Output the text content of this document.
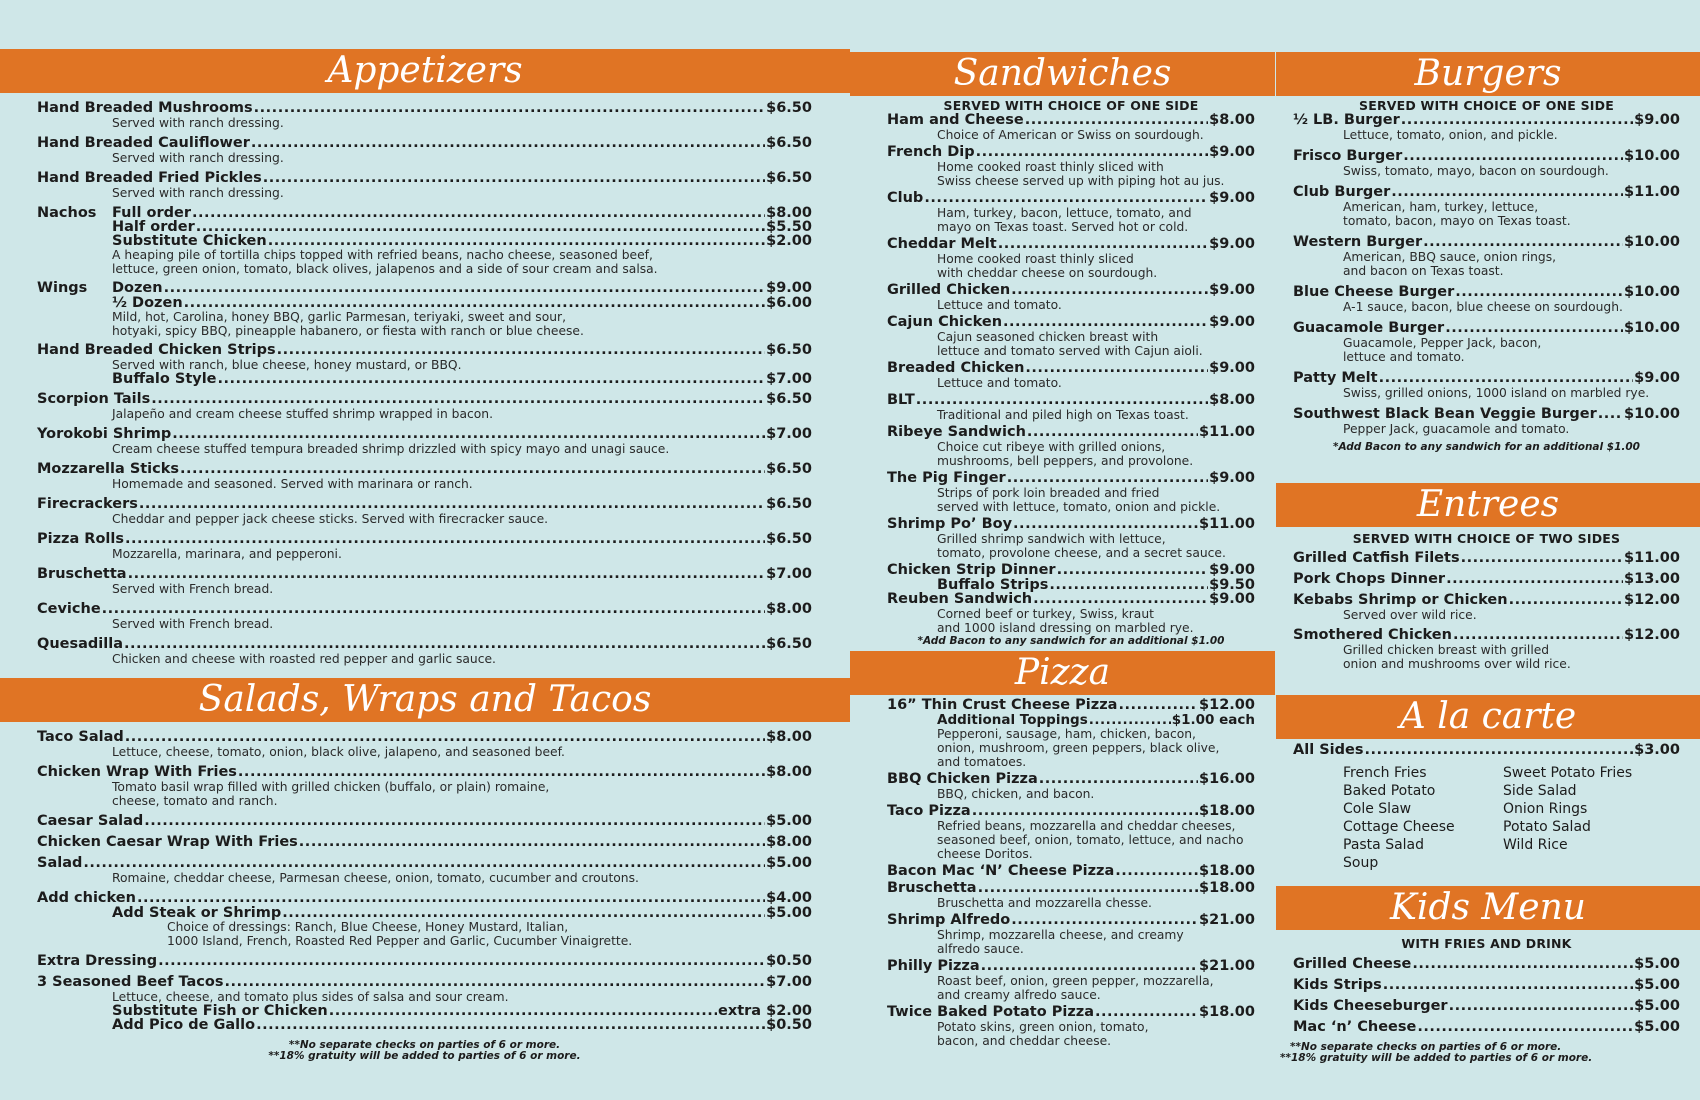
Appetizers
Hand Breaded Mushrooms .....	$6.50
Served with ranch dressing.
Hand Breaded Cauliflower .....	$6.50
Served with ranch dressing.
Hand Breaded Fried Pickles .....	$6.50
Served with ranch dressing.
Nachos Full order .....	$8.00
Half order .....	$5.50
Substitute Chicken .....	$2.00
A heaping pile of tortilla chips topped with refried beans, nacho cheese, seasoned beef,
lettuce, green onion, tomato, black olives, jalapenos and a side of sour cream and salsa.
Wings Dozen .....	$9.00
½ Dozen .....	$6.00
Mild, hot, Carolina, honey BBQ, garlic Parmesan, teriyaki, sweet and sour,
hotyaki, spicy BBQ, pineapple habanero, or fiesta with ranch or blue cheese.
Hand Breaded Chicken Strips .....	$6.50
Served with ranch, blue cheese, honey mustard, or BBQ.
Buffalo Style .....	$7.00
Scorpion Tails .....	$6.50
Jalapeño and cream cheese stuffed shrimp wrapped in bacon.
Yorokobi Shrimp .....	$7.00
Cream cheese stuffed tempura breaded shrimp drizzled with spicy mayo and unagi sauce.
Mozzarella Sticks .....	$6.50
Homemade and seasoned. Served with marinara or ranch.
Firecrackers .....	$6.50
Cheddar and pepper jack cheese sticks. Served with firecracker sauce.
Pizza Rolls .....	$6.50
Mozzarella, marinara, and pepperoni.
Bruschetta .....	$7.00
Served with French bread.
Ceviche .....	$8.00
Served with French bread.
Quesadilla .....	$6.50
Chicken and cheese with roasted red pepper and garlic sauce.
Salads, Wraps and Tacos
Taco Salad .....	$8.00
Lettuce, cheese, tomato, onion, black olive, jalapeno, and seasoned beef.
Chicken Wrap With Fries .....	$8.00
Tomato basil wrap filled with grilled chicken (buffalo, or plain) romaine,
cheese, tomato and ranch.
Caesar Salad .....	$5.00
Chicken Caesar Wrap With Fries .....	$8.00
Salad .....	$5.00
Romaine, cheddar cheese, Parmesan cheese, onion, tomato, cucumber and croutons.
Add chicken .....	$4.00
Add Steak or Shrimp .....	$5.00
Choice of dressings: Ranch, Blue Cheese, Honey Mustard, Italian,
1000 Island, French, Roasted Red Pepper and Garlic, Cucumber Vinaigrette.
Extra Dressing .....	$0.50
3 Seasoned Beef Tacos .....	$7.00
Lettuce, cheese, and tomato plus sides of salsa and sour cream.
Substitute Fish or Chicken .....	extra $2.00
Add Pico de Gallo .....	$0.50
**No separate checks on parties of 6 or more.
**18% gratuity will be added to parties of 6 or more.
Sandwiches
SERVED WITH CHOICE OF ONE SIDE
Ham and Cheese .....	$8.00
Choice of American or Swiss on sourdough.
French Dip .....	$9.00
Home cooked roast thinly sliced with
Swiss cheese served up with piping hot au jus.
Club .....	$9.00
Ham, turkey, bacon, lettuce, tomato, and
mayo on Texas toast. Served hot or cold.
Cheddar Melt .....	$9.00
Home cooked roast thinly sliced
with cheddar cheese on sourdough.
Grilled Chicken .....	$9.00
Lettuce and tomato.
Cajun Chicken .....	$9.00
Cajun seasoned chicken breast with
lettuce and tomato served with Cajun aioli.
Breaded Chicken .....	$9.00
Lettuce and tomato.
BLT .....	$8.00
Traditional and piled high on Texas toast.
Ribeye Sandwich .....	$11.00
Choice cut ribeye with grilled onions,
mushrooms, bell peppers, and provolone.
The Pig Finger .....	$9.00
Strips of pork loin breaded and fried
served with lettuce, tomato, onion and pickle.
Shrimp Po’ Boy .....	$11.00
Grilled shrimp sandwich with lettuce,
tomato, provolone cheese, and a secret sauce.
Chicken Strip Dinner .....	$9.00
Buffalo Strips .....	$9.50
Reuben Sandwich .....	$9.00
Corned beef or turkey, Swiss, kraut
and 1000 island dressing on marbled rye.
*Add Bacon to any sandwich for an additional $1.00
Pizza
16” Thin Crust Cheese Pizza .....	$12.00
Additional Toppings .....	$1.00 each
Pepperoni, sausage, ham, chicken, bacon,
onion, mushroom, green peppers, black olive,
and tomatoes.
BBQ Chicken Pizza .....	$16.00
BBQ, chicken, and bacon.
Taco Pizza .....	$18.00
Refried beans, mozzarella and cheddar cheeses,
seasoned beef, onion, tomato, lettuce, and nacho
cheese Doritos.
Bacon Mac ‘N’ Cheese Pizza .....	$18.00
Bruschetta .....	$18.00
Bruschetta and mozzarella chesse.
Shrimp Alfredo .....	$21.00
Shrimp, mozzarella cheese, and creamy
alfredo sauce.
Philly Pizza .....	$21.00
Roast beef, onion, green pepper, mozzarella,
and creamy alfredo sauce.
Twice Baked Potato Pizza .....	$18.00
Potato skins, green onion, tomato,
bacon, and cheddar cheese.	**No separate checks on parties of 6 or more.
**18% gratuity will be added to parties of 6 or more.
Burgers
SERVED WITH CHOICE OF ONE SIDE
½ LB. Burger .....	$9.00
Lettuce, tomato, onion, and pickle.
Frisco Burger .....	$10.00
Swiss, tomato, mayo, bacon on sourdough.
Club Burger .....	$11.00
American, ham, turkey, lettuce,
tomato, bacon, mayo on Texas toast.
Western Burger .....	$10.00
American, BBQ sauce, onion rings,
and bacon on Texas toast.
Blue Cheese Burger .....	$10.00
A-1 sauce, bacon, blue cheese on sourdough.
Guacamole Burger .....	$10.00
Guacamole, Pepper Jack, bacon,
lettuce and tomato.
Patty Melt .....	$9.00
Swiss, grilled onions, 1000 island on marbled rye.
Southwest Black Bean Veggie Burger ..... $10.00
Pepper Jack, guacamole and tomato.
*Add Bacon to any sandwich for an additional $1.00
Entrees
SERVED WITH CHOICE OF TWO SIDES
Grilled Catfish Filets .....	$11.00
Pork Chops Dinner .....	$13.00
Kebabs Shrimp or Chicken .....	$12.00
Served over wild rice.
Smothered Chicken .....	$12.00
Grilled chicken breast with grilled
onion and mushrooms over wild rice.
A la carte
All Sides .....	$3.00
French Fries
Baked Potato
Cole Slaw
Cottage Cheese
Pasta Salad
Soup
Sweet Potato Fries
Side Salad
Onion Rings
Potato Salad
Wild Rice
Kids Menu
WITH FRIES AND DRINK
Grilled Cheese .....	$5.00
Kids Strips .....	$5.00
Kids Cheeseburger .....	$5.00
Mac ‘n’ Cheese .....	$5.00
